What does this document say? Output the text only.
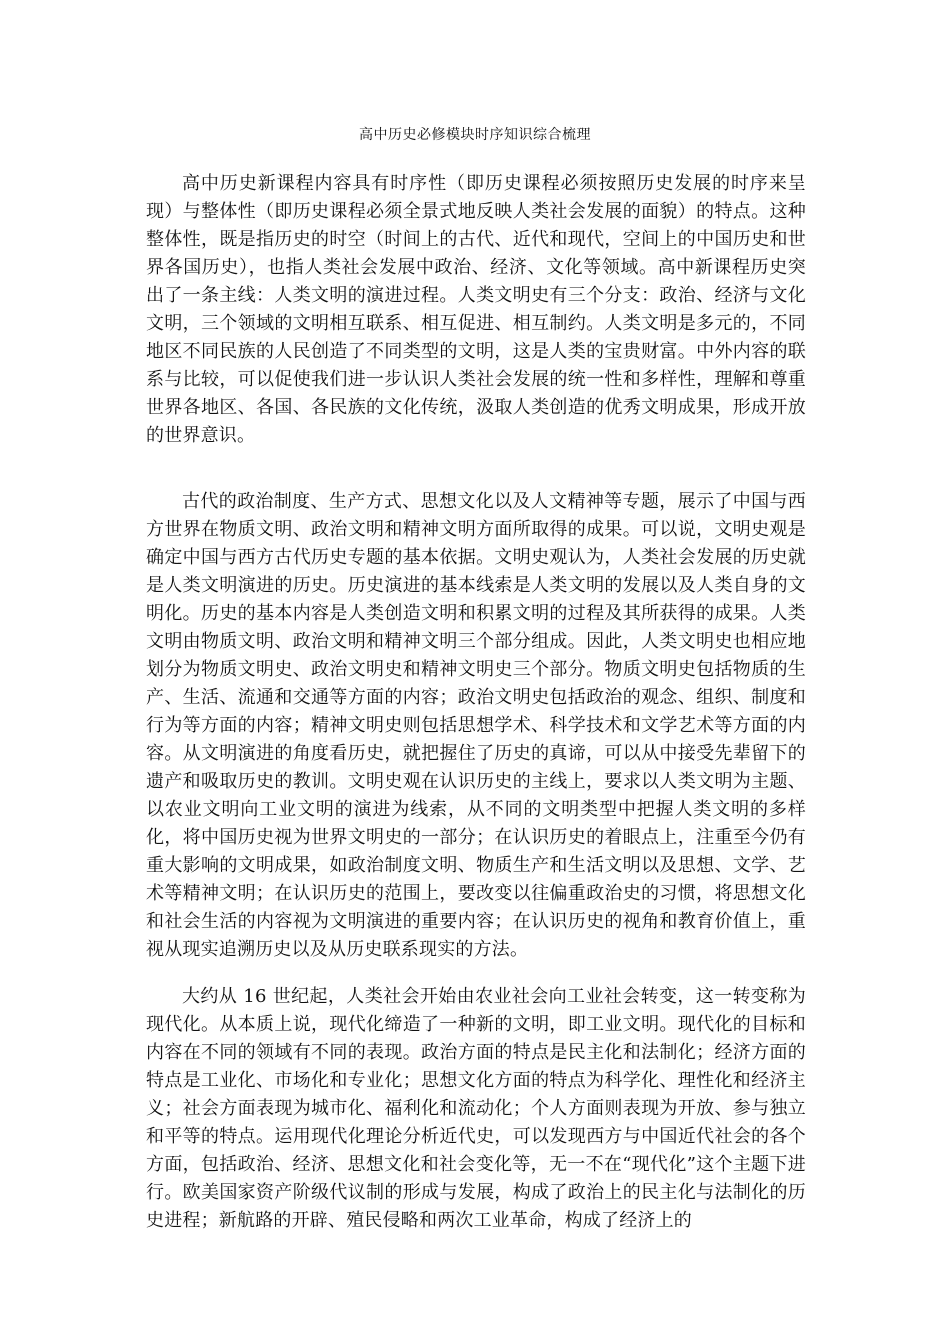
高中历史必修模块时序知识综合梳理

高中历史新课程内容具有时序性（即历史课程必须按照历史发展的时序来呈现）与整体性（即历史课程必须全景式地反映人类社会发展的面貌）的特点。这种整体性，既是指历史的时空（时间上的古代、近代和现代，空间上的中国历史和世界各国历史），也指人类社会发展中政治、经济、文化等领域。高中新课程历史突出了一条主线：人类文明的演进过程。人类文明史有三个分支：政治、经济与文化文明，三个领域的文明相互联系、相互促进、相互制约。人类文明是多元的，不同地区不同民族的人民创造了不同类型的文明，这是人类的宝贵财富。中外内容的联系与比较，可以促使我们进一步认识人类社会发展的统一性和多样性，理解和尊重世界各地区、各国、各民族的文化传统，汲取人类创造的优秀文明成果，形成开放的世界意识。

古代的政治制度、生产方式、思想文化以及人文精神等专题，展示了中国与西方世界在物质文明、政治文明和精神文明方面所取得的成果。可以说，文明史观是确定中国与西方古代历史专题的基本依据。文明史观认为，人类社会发展的历史就是人类文明演进的历史。历史演进的基本线索是人类文明的发展以及人类自身的文明化。历史的基本内容是人类创造文明和积累文明的过程及其所获得的成果。人类文明由物质文明、政治文明和精神文明三个部分组成。因此，人类文明史也相应地划分为物质文明史、政治文明史和精神文明史三个部分。物质文明史包括物质的生产、生活、流通和交通等方面的内容；政治文明史包括政治的观念、组织、制度和行为等方面的内容；精神文明史则包括思想学术、科学技术和文学艺术等方面的内容。从文明演进的角度看历史，就把握住了历史的真谛，可以从中接受先辈留下的遗产和吸取历史的教训。文明史观在认识历史的主线上，要求以人类文明为主题、以农业文明向工业文明的演进为线索，从不同的文明类型中把握人类文明的多样化，将中国历史视为世界文明史的一部分；在认识历史的着眼点上，注重至今仍有重大影响的文明成果，如政治制度文明、物质生产和生活文明以及思想、文学、艺术等精神文明；在认识历史的范围上，要改变以往偏重政治史的习惯，将思想文化和社会生活的内容视为文明演进的重要内容；在认识历史的视角和教育价值上，重视从现实追溯历史以及从历史联系现实的方法。

大约从 16 世纪起，人类社会开始由农业社会向工业社会转变，这一转变称为现代化。从本质上说，现代化缔造了一种新的文明，即工业文明。现代化的目标和内容在不同的领域有不同的表现。政治方面的特点是民主化和法制化；经济方面的特点是工业化、市场化和专业化；思想文化方面的特点为科学化、理性化和经济主义；社会方面表现为城市化、福利化和流动化；个人方面则表现为开放、参与独立和平等的特点。运用现代化理论分析近代史，可以发现西方与中国近代社会的各个方面，包括政治、经济、思想文化和社会变化等，无一不在“现代化”这个主题下进行。欧美国家资产阶级代议制的形成与发展，构成了政治上的民主化与法制化的历史进程；新航路的开辟、殖民侵略和两次工业革命，构成了经济上的
